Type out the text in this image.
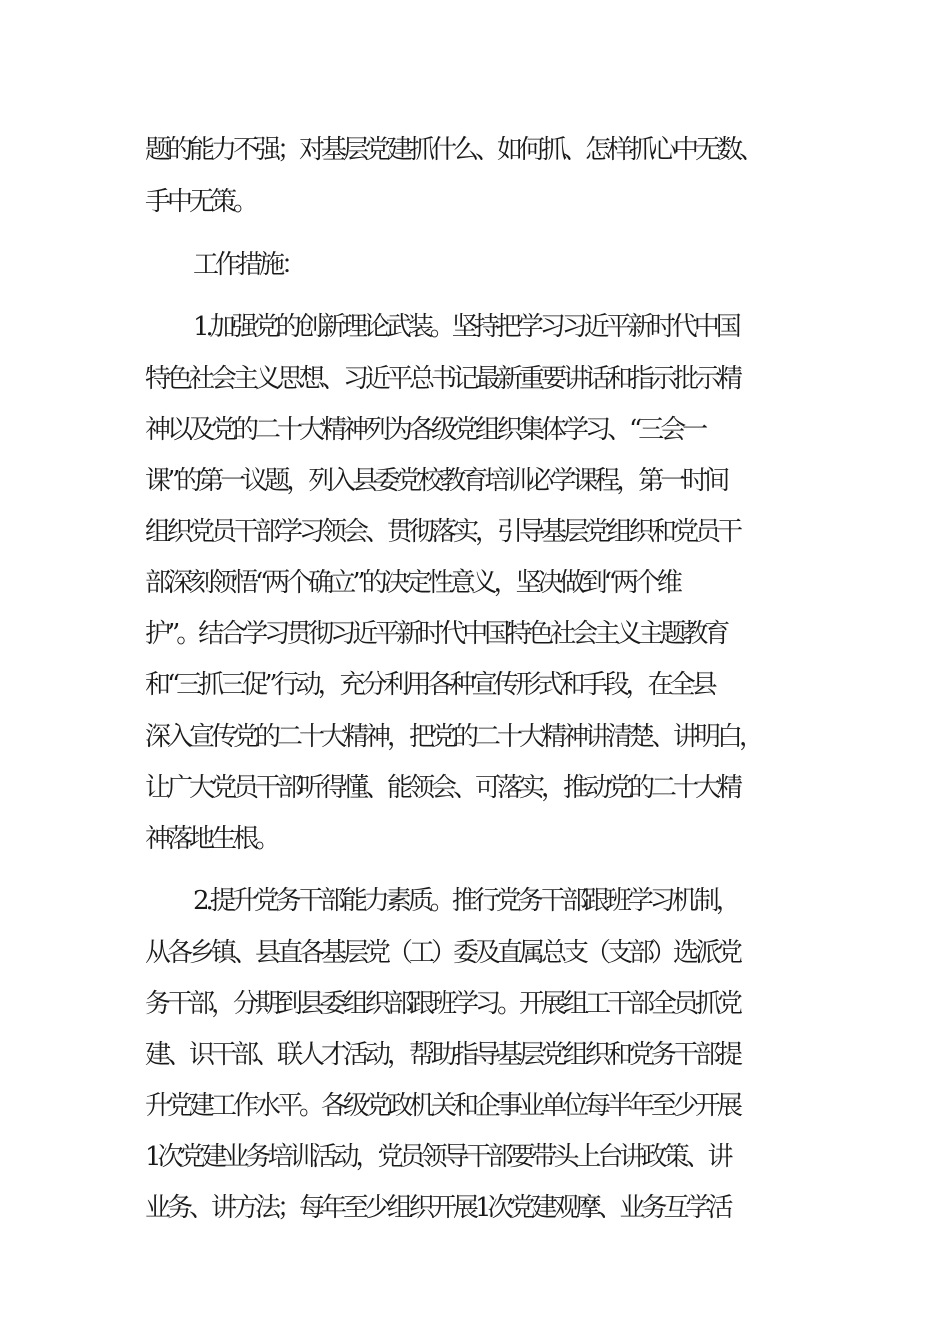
题的能力不强；对基层党建抓什么、如何抓、怎样抓心中无数、

手中无策。

工作措施：

1.加强党的创新理论武装。坚持把学习习近平新时代中国

特色社会主义思想、习近平总书记最新重要讲话和指示批示精

神以及党的二十大精神列为各级党组织集体学习、“三会一

课”的第一议题，列入县委党校教育培训必学课程，第一时间

组织党员干部学习领会、贯彻落实，引导基层党组织和党员干

部深刻领悟“两个确立”的决定性意义，坚决做到“两个维

护”。结合学习贯彻习近平新时代中国特色社会主义主题教育

和“三抓三促”行动，充分利用各种宣传形式和手段，在全县

深入宣传党的二十大精神，把党的二十大精神讲清楚、讲明白，

让广大党员干部听得懂、能领会、可落实，推动党的二十大精

神落地生根。

2.提升党务干部能力素质。推行党务干部跟班学习机制，

从各乡镇、县直各基层党（工）委及直属总支（支部）选派党

务干部，分期到县委组织部跟班学习。开展组工干部全员抓党

建、识干部、联人才活动，帮助指导基层党组织和党务干部提

升党建工作水平。各级党政机关和企事业单位每半年至少开展

1次党建业务培训活动，党员领导干部要带头上台讲政策、讲

业务、讲方法；每年至少组织开展1次党建观摩、业务互学活
